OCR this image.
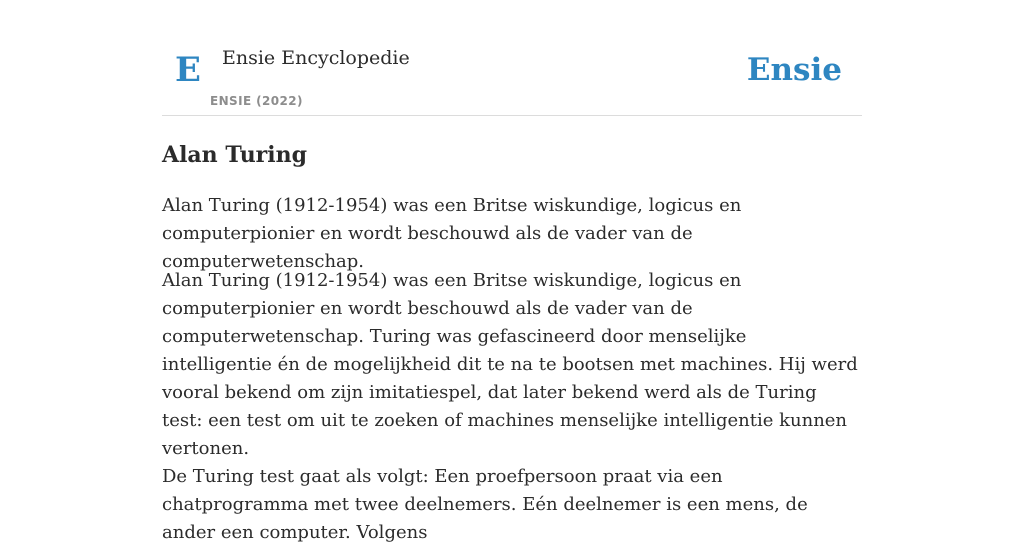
E Ensie Encyclopedie
ENSIE (2022)
Ensie
Alan Turing

Alan Turing (1912-1954) was een Britse wiskundige, logicus en computerpionier en wordt beschouwd als de vader van de computerwetenschap.

Alan Turing (1912-1954) was een Britse wiskundige, logicus en computerpionier en wordt beschouwd als de vader van de computerwetenschap. Turing was gefascineerd door menselijke intelligentie én de mogelijkheid dit te na te bootsen met machines. Hij werd vooral bekend om zijn imitatiespel, dat later bekend werd als de Turing test: een test om uit te zoeken of machines menselijke intelligentie kunnen vertonen.

De Turing test gaat als volgt: Een proefpersoon praat via een chatprogramma met twee deelnemers. Eén deelnemer is een mens, de ander een computer. Volgens
